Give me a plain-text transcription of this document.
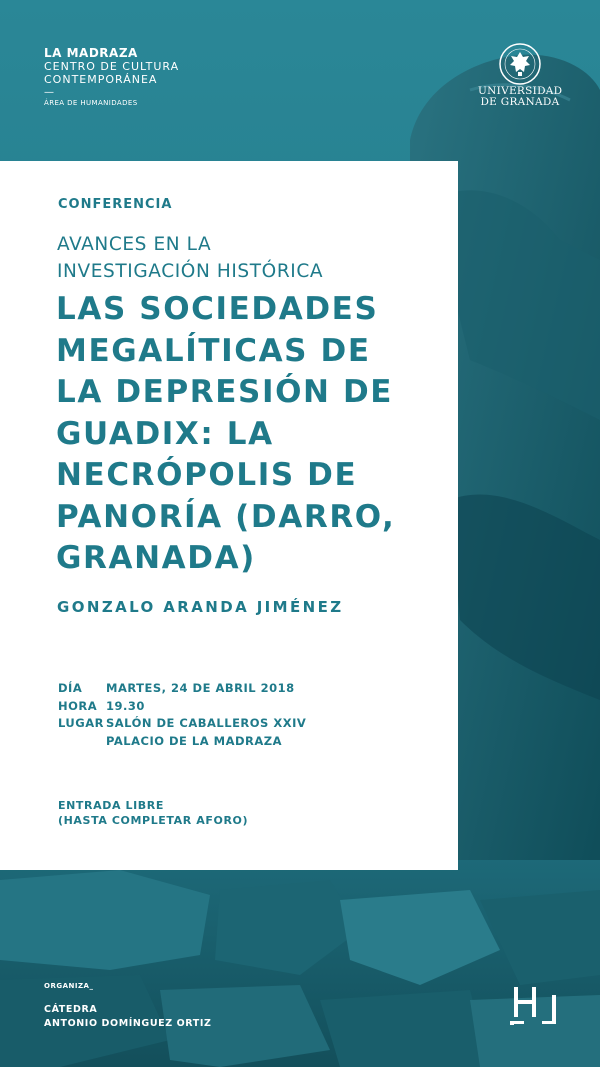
LA MADRAZA
CENTRO DE CULTURA
CONTEMPORÁNEA
—
ÁREA DE HUMANIDADES
UNIVERSIDAD
DE GRANADA
CONFERENCIA
AVANCES EN LA
INVESTIGACIÓN HISTÓRICA
LAS SOCIEDADES
MEGALÍTICAS DE
LA DEPRESIÓN DE
GUADIX: LA
NECRÓPOLIS DE
PANORÍA (DARRO,
GRANADA)
GONZALO ARANDA JIMÉNEZ
DÍA MARTES, 24 DE ABRIL 2018
HORA 19.30
LUGAR SALÓN DE CABALLEROS XXIV
PALACIO DE LA MADRAZA
ENTRADA LIBRE
(HASTA COMPLETAR AFORO)
ORGANIZA_
CÁTEDRA
ANTONIO DOMÍNGUEZ ORTIZ
